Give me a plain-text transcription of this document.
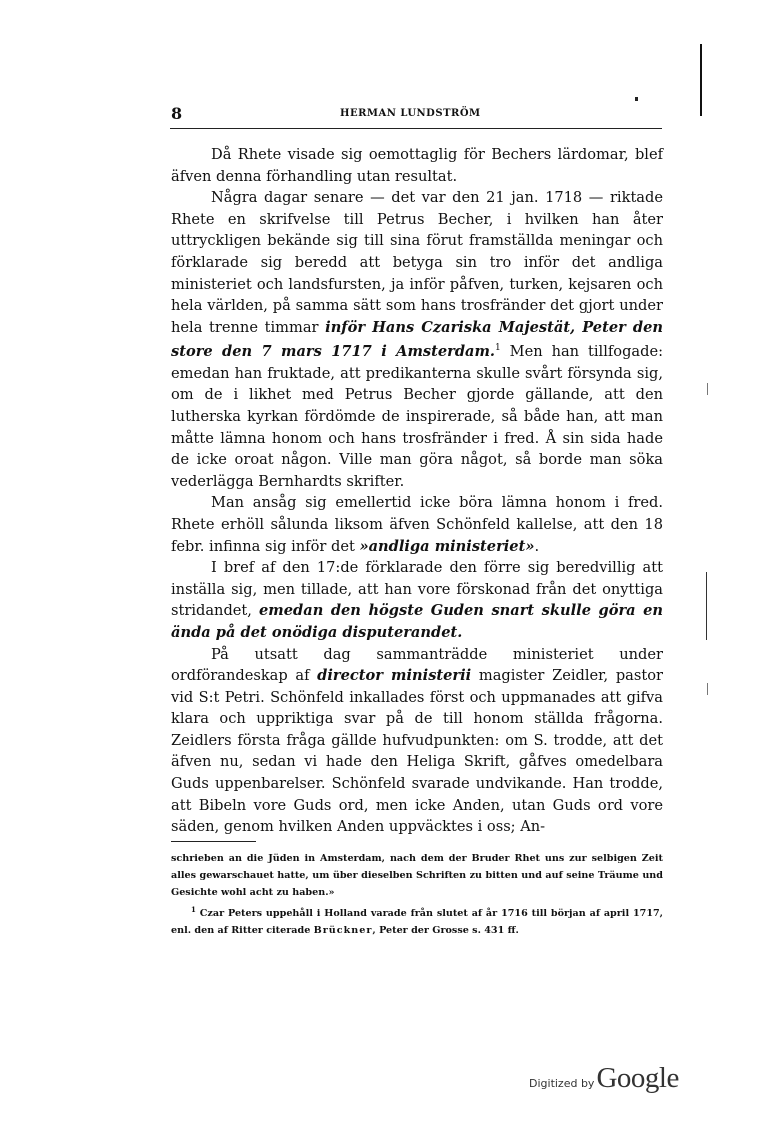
8	HERMAN LUNDSTRÖM

Då Rhete visade sig oemottaglig för Bechers lärdomar, blef äfven denna förhandling utan resultat.

Några dagar senare — det var den 21 jan. 1718 — riktade Rhete en skrifvelse till Petrus Becher, i hvilken han åter uttryckligen bekände sig till sina förut framställda meningar och förklarade sig beredd att betyga sin tro inför det andliga ministeriet och landsfursten, ja inför påfven, turken, kejsaren och hela världen, på samma sätt som hans trosfränder det gjort under hela trenne timmar inför Hans Czariska Majestät, Peter den store den 7 mars 1717 i Amsterdam.$^1$ Men han tillfogade: emedan han fruktade, att predikanterna skulle svårt försynda sig, om de i likhet med Petrus Becher gjorde gällande, att den lutherska kyrkan fördömde de inspirerade, så både han, att man måtte lämna honom och hans trosfränder i fred. Å sin sida hade de icke oroat någon. Ville man göra något, så borde man söka vederlägga Bernhardts skrifter.

Man ansåg sig emellertid icke böra lämna honom i fred. Rhete erhöll sålunda liksom äfven Schönfeld kallelse, att den 18 febr. infinna sig inför det »andliga ministeriet».

I bref af den 17:de förklarade den förre sig beredvillig att inställa sig, men tillade, att han vore förskonad från det onyttiga stridandet, emedan den högste Guden snart skulle göra en ända på det onödiga disputerandet.

På utsatt dag sammanträdde ministeriet under ordförandeskap af director ministerii magister Zeidler, pastor vid S:t Petri. Schönfeld inkallades först och uppmanades att gifva klara och uppriktiga svar på de till honom ställda frågorna. Zeidlers första fråga gällde hufvudpunkten: om S. trodde, att det äfven nu, sedan vi hade den Heliga Skrift, gåfves omedelbara Guds uppenbarelser. Schönfeld svarade undvikande. Han trodde, att Bibeln vore Guds ord, men icke Anden, utan Guds ord vore säden, genom hvilken Anden uppväcktes i oss; An-

schrieben an die Jüden in Amsterdam, nach dem der Bruder Rhet uns zur selbigen Zeit alles gewarschauet hatte, um über dieselben Schriften zu bitten und auf seine Träume und Gesichte wohl acht zu haben.»

$^1$ Czar Peters uppehåll i Holland varade från slutet af år 1716 till början af april 1717, enl. den af Ritter citerade Brückner, Peter der Grosse s. 431 ff.

Digitized by Google
